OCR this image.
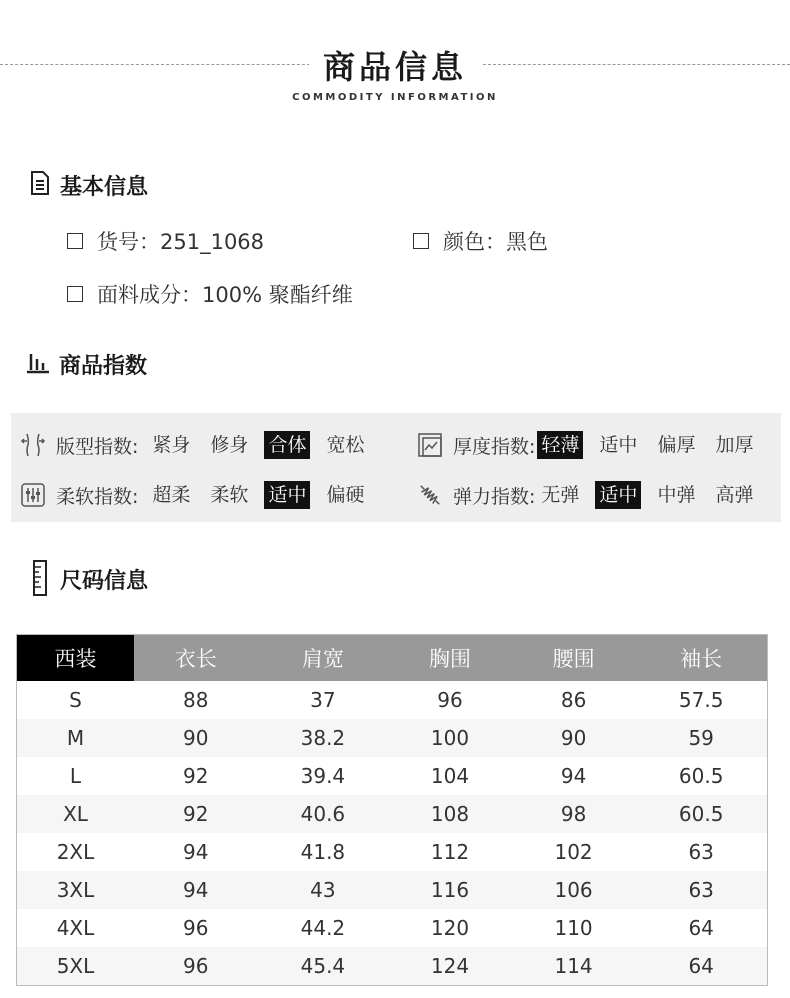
商品信息
COMMODITY INFORMATION
基本信息
货号：251_1068	颜色：黑色
面料成分：100% 聚酯纤维
商品指数
版型指数: 紧身 修身 合体 宽松	厚度指数: 轻薄 适中 偏厚 加厚
柔软指数: 超柔 柔软 适中 偏硬	弹力指数: 无弹 适中 中弹 高弹
尺码信息
西装	衣长	肩宽	胸围	腰围	袖长
S	88	37	96	86	57.5
M	90	38.2	100	90	59
L	92	39.4	104	94	60.5
XL	92	40.6	108	98	60.5
2XL	94	41.8	112	102	63
3XL	94	43	116	106	63
4XL	96	44.2	120	110	64
5XL	96	45.4	124	114	64
